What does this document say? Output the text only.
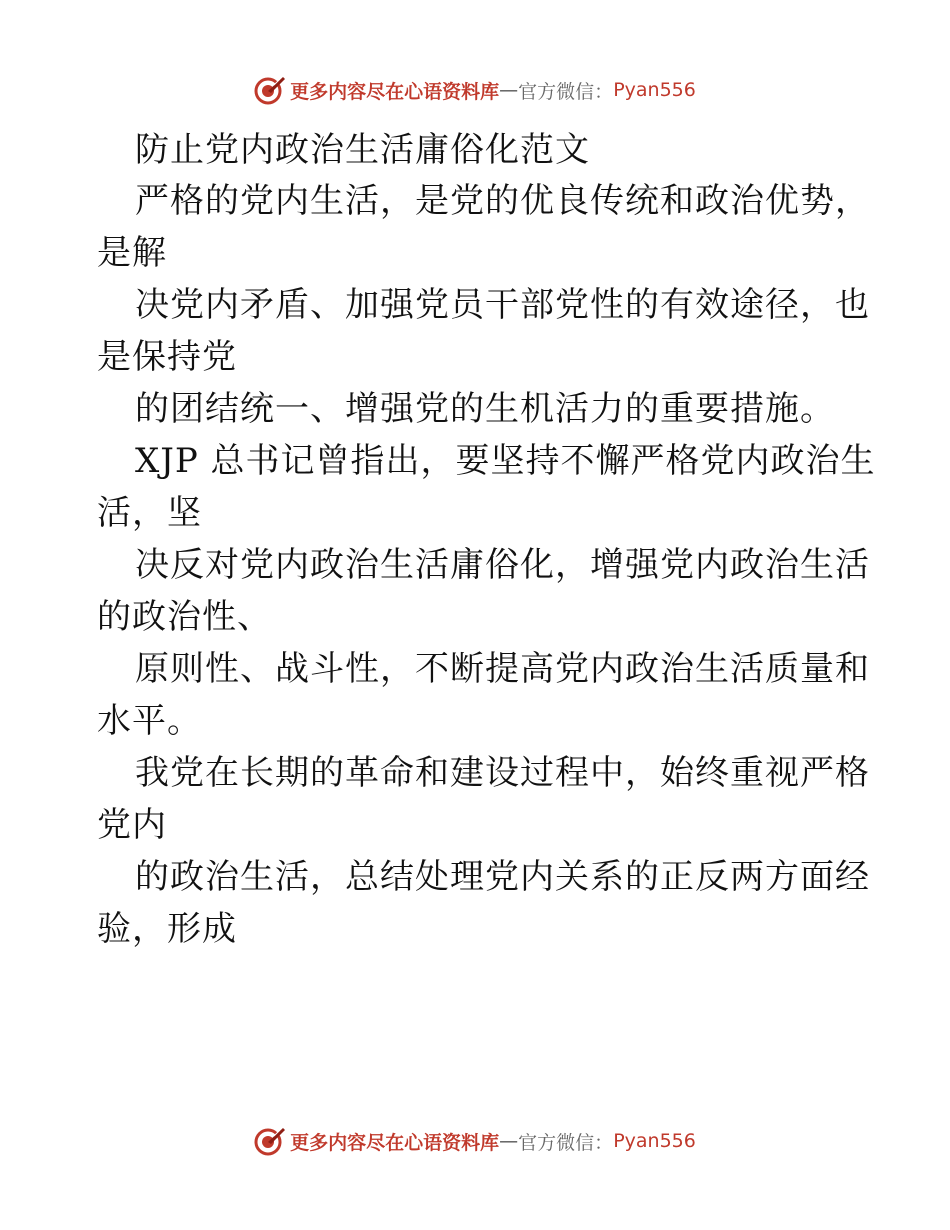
更多内容尽在心语资料库 — 官方微信： Pyan556
防止党内政治生活庸俗化范文
严格的党内生活，是党的优良传统和政治优势，
是解
决党内矛盾、加强党员干部党性的有效途径，也
是保持党
的团结统一、增强党的生机活力的重要措施。
XJP 总书记曾指出，要坚持不懈严格党内政治生
活，坚
决反对党内政治生活庸俗化，增强党内政治生活
的政治性、
原则性、战斗性，不断提高党内政治生活质量和
水平。
我党在长期的革命和建设过程中，始终重视严格
党内
的政治生活，总结处理党内关系的正反两方面经
验，形成
更多内容尽在心语资料库 — 官方微信： Pyan556
